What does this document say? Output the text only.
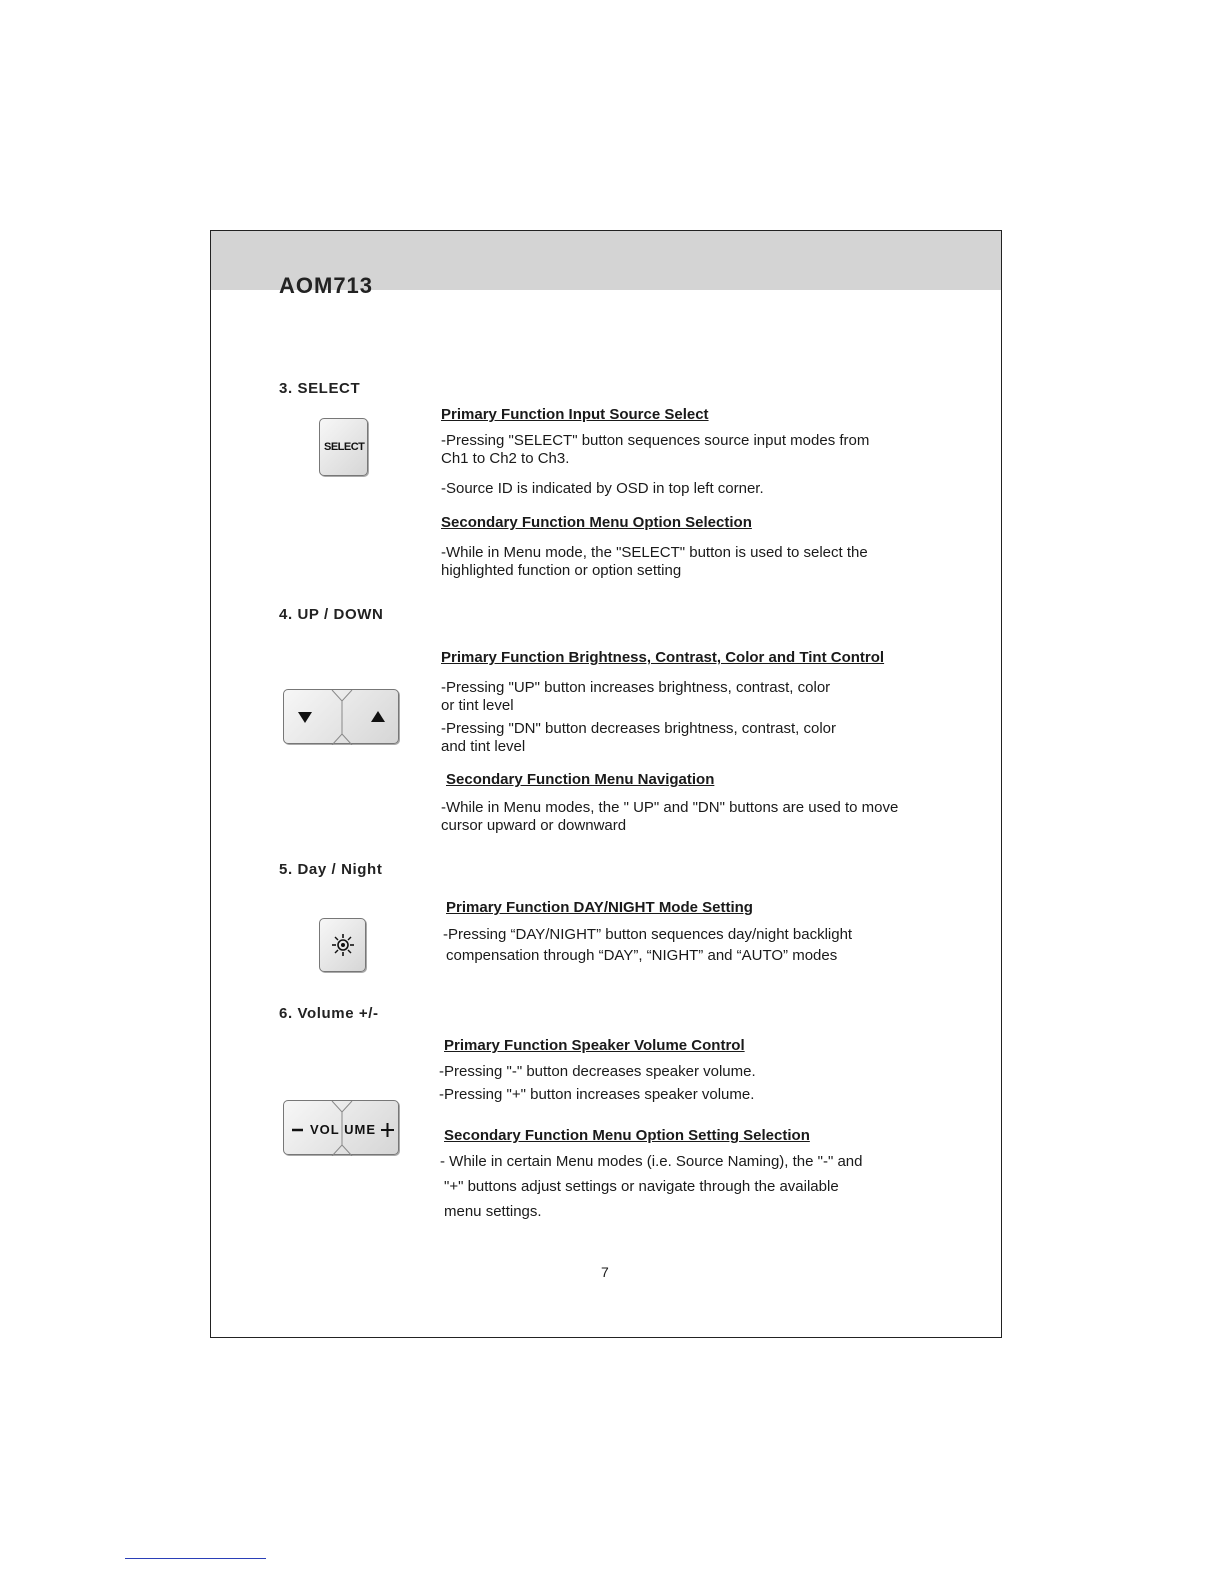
AOM713
3. SELECT
SELECT
Primary Function Input Source Select
-Pressing "SELECT" button sequences source input modes from
Ch1 to Ch2 to Ch3.
-Source ID is indicated by OSD in top left corner.
Secondary Function Menu Option Selection
-While in Menu mode, the "SELECT" button is used to select the
highlighted function or option setting
4. UP / DOWN
Primary Function Brightness, Contrast, Color and Tint Control
-Pressing "UP" button increases brightness, contrast, color
or tint level
-Pressing "DN" button decreases brightness, contrast, color
and tint level
Secondary Function Menu Navigation
-While in Menu modes, the " UP" and "DN" buttons are used to move
cursor upward or downward
5. Day / Night
Primary Function DAY/NIGHT Mode Setting
-Pressing “DAY/NIGHT” button sequences day/night backlight
compensation through “DAY”, “NIGHT” and “AUTO” modes
6. Volume +/-
VOL UME
Primary Function Speaker Volume Control
-Pressing "-" button decreases speaker volume.
-Pressing "+" button increases speaker volume.
Secondary Function Menu Option Setting Selection
- While in certain Menu modes (i.e. Source Naming), the "-" and
"+" buttons adjust settings or navigate through the available
menu settings.
7
